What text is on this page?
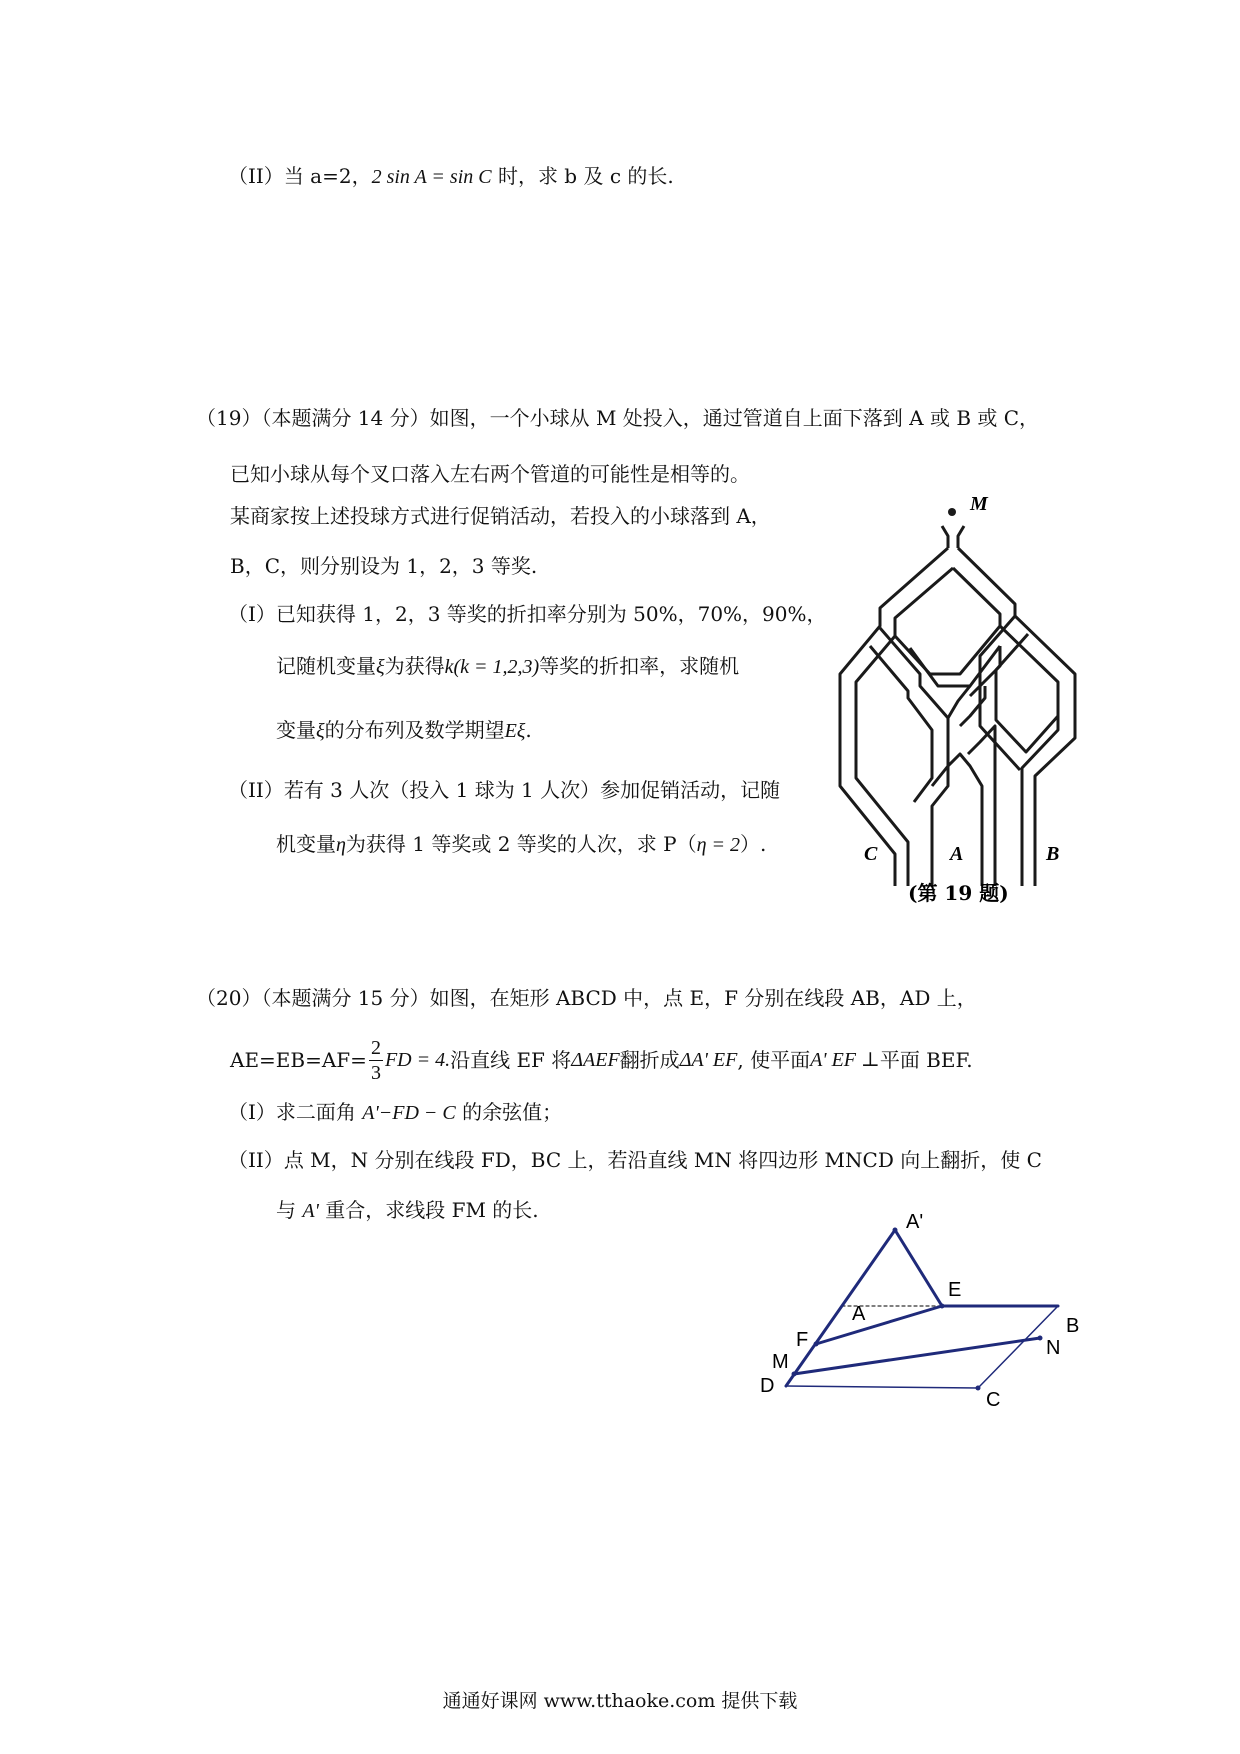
（II）当 a=2，2 sin A = sin C 时，求 b 及 c 的长.
（19）（本题满分 14 分）如图，一个小球从 M 处投入，通过管道自上面下落到 A 或 B 或 C，
已知小球从每个叉口落入左右两个管道的可能性是相等的。
某商家按上述投球方式进行促销活动，若投入的小球落到 A，
B，C，则分别设为 1，2，3 等奖.
（I）已知获得 1，2，3 等奖的折扣率分别为 50%，70%，90%，
记随机变量ξ为获得k(k = 1,2,3)等奖的折扣率，求随机
变量ξ的分布列及数学期望Eξ.
（II）若有 3 人次（投入 1 球为 1 人次）参加促销活动，记随
机变量η为获得 1 等奖或 2 等奖的人次，求 P（η = 2）.
M
C	A	B
(第 19 题)
（20）（本题满分 15 分）如图，在矩形 ABCD 中，点 E，F 分别在线段 AB，AD 上，
$AE=EB=AF= \frac{2}{3}$ FD = 4. 沿直线 EF 将 ΔAEF 翻折成 ΔA' EF , 使平面 A' EF ⊥ 平面 BEF.
（I）求二面角 A'−FD − C 的余弦值；
（II）点 M，N 分别在线段 FD，BC 上，若沿直线 MN 将四边形 MNCD 向上翻折，使 C
与 A' 重合，求线段 FM 的长.	A'
E
A
B
F	N
M
D
C
通通好课网 www.tthaoke.com 提供下载
